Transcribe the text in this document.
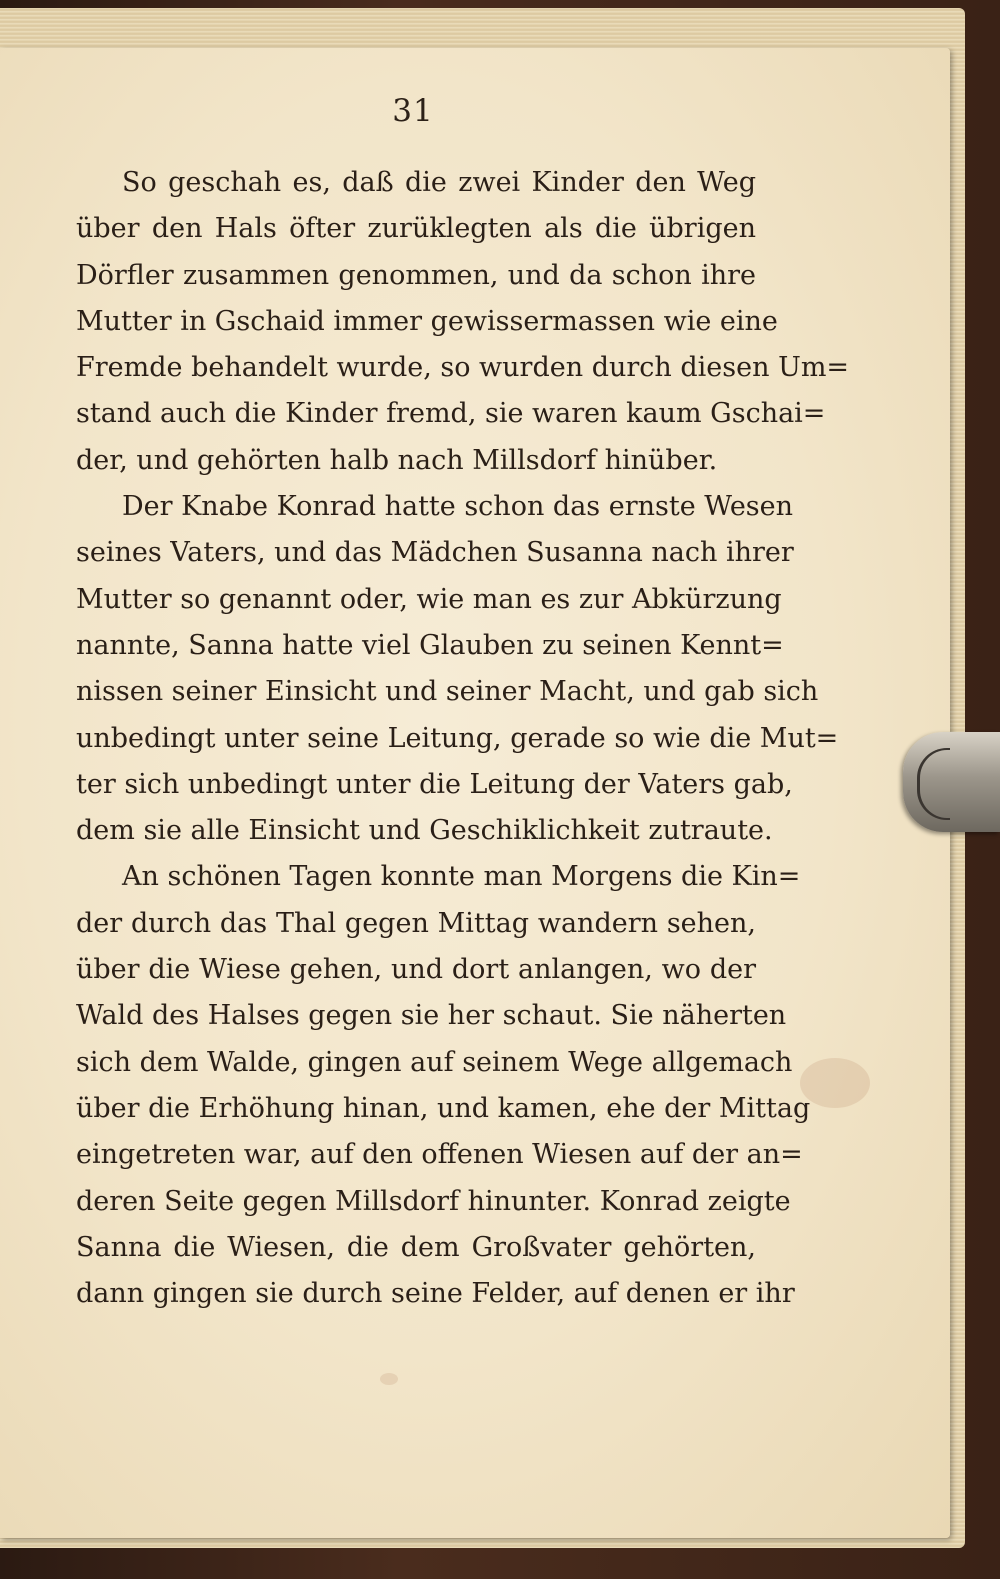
31
So geschah es, daß die zwei Kinder den Weg
über den Hals öfter zurüklegten als die übrigen
Dörfler zusammen genommen, und da schon ihre
Mutter in Gschaid immer gewissermassen wie eine
Fremde behandelt wurde, so wurden durch diesen Um=
stand auch die Kinder fremd, sie waren kaum Gschai=
der, und gehörten halb nach Millsdorf hinüber.
Der Knabe Konrad hatte schon das ernste Wesen
seines Vaters, und das Mädchen Susanna nach ihrer
Mutter so genannt oder, wie man es zur Abkürzung
nannte, Sanna hatte viel Glauben zu seinen Kennt=
nissen seiner Einsicht und seiner Macht, und gab sich
unbedingt unter seine Leitung, gerade so wie die Mut=
ter sich unbedingt unter die Leitung der Vaters gab,
dem sie alle Einsicht und Geschiklichkeit zutraute.
An schönen Tagen konnte man Morgens die Kin=
der durch das Thal gegen Mittag wandern sehen,
über die Wiese gehen, und dort anlangen, wo der
Wald des Halses gegen sie her schaut. Sie näherten
sich dem Walde, gingen auf seinem Wege allgemach
über die Erhöhung hinan, und kamen, ehe der Mittag
eingetreten war, auf den offenen Wiesen auf der an=
deren Seite gegen Millsdorf hinunter. Konrad zeigte
Sanna die Wiesen, die dem Großvater gehörten,
dann gingen sie durch seine Felder, auf denen er ihr
